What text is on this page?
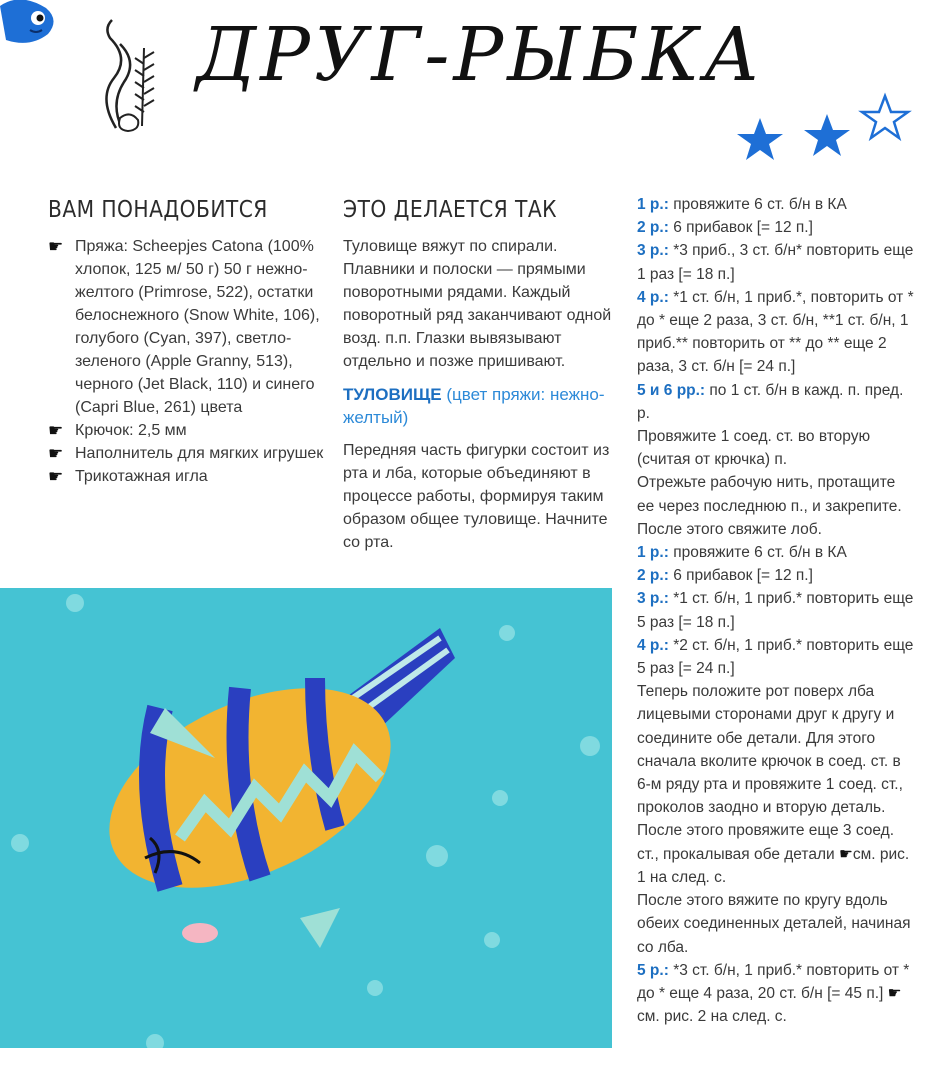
ДРУГ-РЫБКА
ВАМ ПОНАДОБИТСЯ

☛ Пряжа: Scheepjes Catona (100% хлопок, 125 м/ 50 г) 50 г нежно-желтого (Primrose, 522), остатки белоснежного (Snow White, 106), голубого (Cyan, 397), светло-зеленого (Apple Granny, 513), черного (Jet Black, 110) и синего (Capri Blue, 261) цвета

☛ Крючок: 2,5 мм

☛ Наполнитель для мягких игрушек

☛ Трикотажная игла

ЭТО ДЕЛАЕТСЯ ТАК

Туловище вяжут по спирали. Плавники и полоски — прямыми поворотными рядами. Каждый поворотный ряд заканчивают одной возд. п.п. Глазки вывязывают отдельно и позже пришивают.

ТУЛОВИЩЕ (цвет пряжи: нежно-желтый)

Передняя часть фигурки состоит из рта и лба, которые объединяют в процессе работы, формируя таким образом общее туловище. Начните со рта.

1 р.: провяжите 6 ст. б/н в КА

2 р.: 6 прибавок [= 12 п.]

3 р.: *3 приб., 3 ст. б/н* повторить еще 1 раз [= 18 п.]

4 р.: *1 ст. б/н, 1 приб.*, повторить от * до * еще 2 раза, 3 ст. б/н, **1 ст. б/н, 1 приб.** повторить от ** до ** еще 2 раза, 3 ст. б/н [= 24 п.]

5 и 6 рр.: по 1 ст. б/н в кажд. п. пред. р.

Провяжите 1 соед. ст. во вторую (считая от крючка) п.

Отрежьте рабочую нить, протащите ее через последнюю п., и закрепите.

После этого свяжите лоб.

1 р.: провяжите 6 ст. б/н в КА

2 р.: 6 прибавок [= 12 п.]

3 р.: *1 ст. б/н, 1 приб.* повторить еще 5 раз [= 18 п.]

4 р.: *2 ст. б/н, 1 приб.* повторить еще 5 раз [= 24 п.]

Теперь положите рот поверх лба лицевыми сторонами друг к другу и соедините обе детали. Для этого сначала вколите крючок в соед. ст. в 6-м ряду рта и провяжите 1 соед. ст., проколов заодно и вторую деталь. После этого провяжите еще 3 соед. ст., прокалывая обе детали ☛см. рис. 1 на след. с.

После этого вяжите по кругу вдоль обеих соединенных деталей, начиная со лба.

5 р.: *3 ст. б/н, 1 приб.* повторить от * до * еще 4 раза, 20 ст. б/н [= 45 п.] ☛см. рис. 2 на след. с.
